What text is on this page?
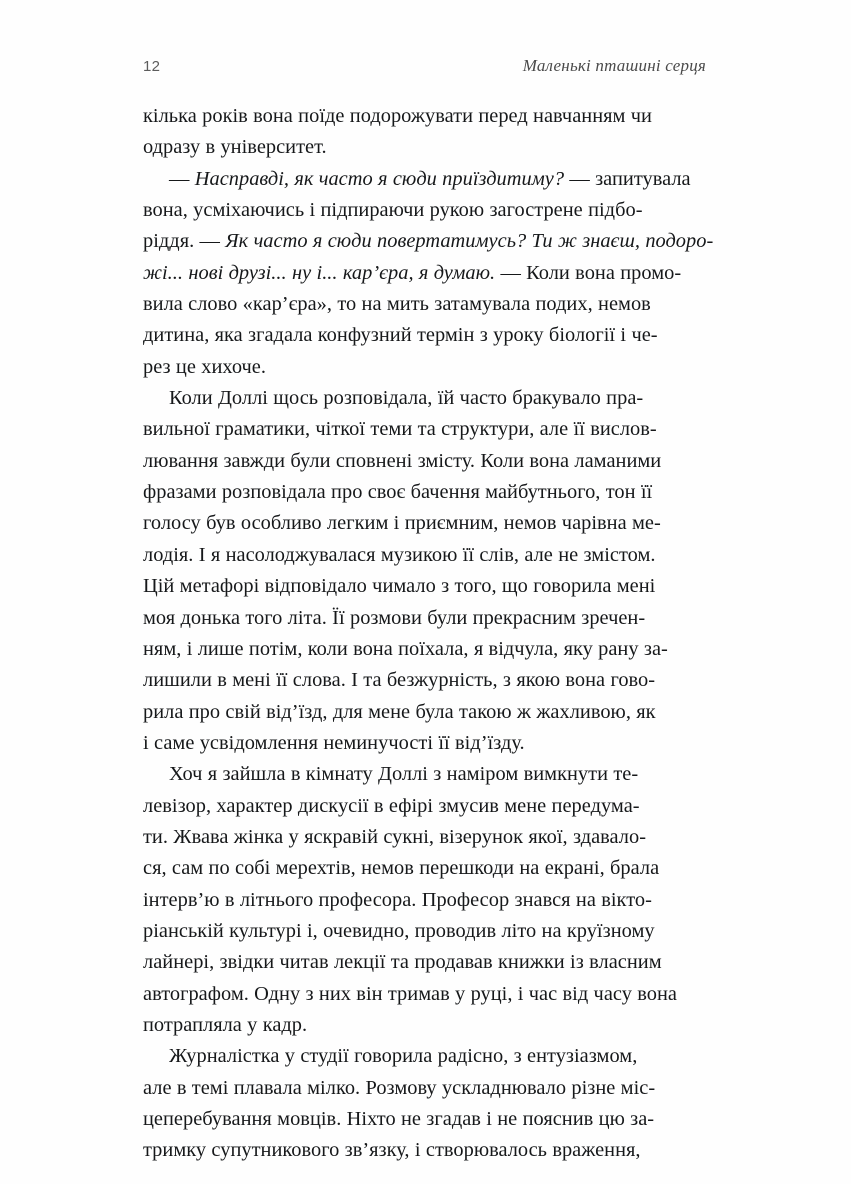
12	Маленькі пташині серця

кілька років вона поїде подорожувати перед навчанням чи
одразу в університет.

— Насправді, як часто я сюди приїздитиму? — запитувала
вона, усміхаючись і підпираючи рукою загострене підбо-
ріддя. — Як часто я сюди повертатимусь? Ти ж знаєш, подоро-
жі... нові друзі... ну і... кар’єра, я думаю. — Коли вона промо-
вила слово «кар’єра», то на мить затамувала подих, немов
дитина, яка згадала конфузний термін з уроку біології і че-
рез це хихоче.

Коли Доллі щось розповідала, їй часто бракувало пра-
вильної граматики, чіткої теми та структури, але її вислов-
лювання завжди були сповнені змісту. Коли вона ламаними
фразами розповідала про своє бачення майбутнього, тон її
голосу був особливо легким і приємним, немов чарівна ме-
лодія. І я насолоджувалася музикою її слів, але не змістом.
Цій метафорі відповідало чимало з того, що говорила мені
моя донька того літа. Її розмови були прекрасним зречен-
ням, і лише потім, коли вона поїхала, я відчула, яку рану за-
лишили в мені її слова. І та безжурність, з якою вона гово-
рила про свій від’їзд, для мене була такою ж жахливою, як
і саме усвідомлення неминучості її від’їзду.

Хоч я зайшла в кімнату Доллі з наміром вимкнути те-
левізор, характер дискусії в ефірі змусив мене передума-
ти. Жвава жінка у яскравій сукні, візерунок якої, здавало-
ся, сам по собі мерехтів, немов перешкоди на екрані, брала
інтерв’ю в літнього професора. Професор знався на вікто-
ріанській культурі і, очевидно, проводив літо на круїзному
лайнері, звідки читав лекції та продавав книжки із власним
автографом. Одну з них він тримав у руці, і час від часу вона
потрапляла у кадр.

Журналістка у студії говорила радісно, з ентузіазмом,
але в темі плавала мілко. Розмову ускладнювало різне міс-
цеперебування мовців. Ніхто не згадав і не пояснив цю за-
тримку супутникового зв’язку, і створювалось враження,
